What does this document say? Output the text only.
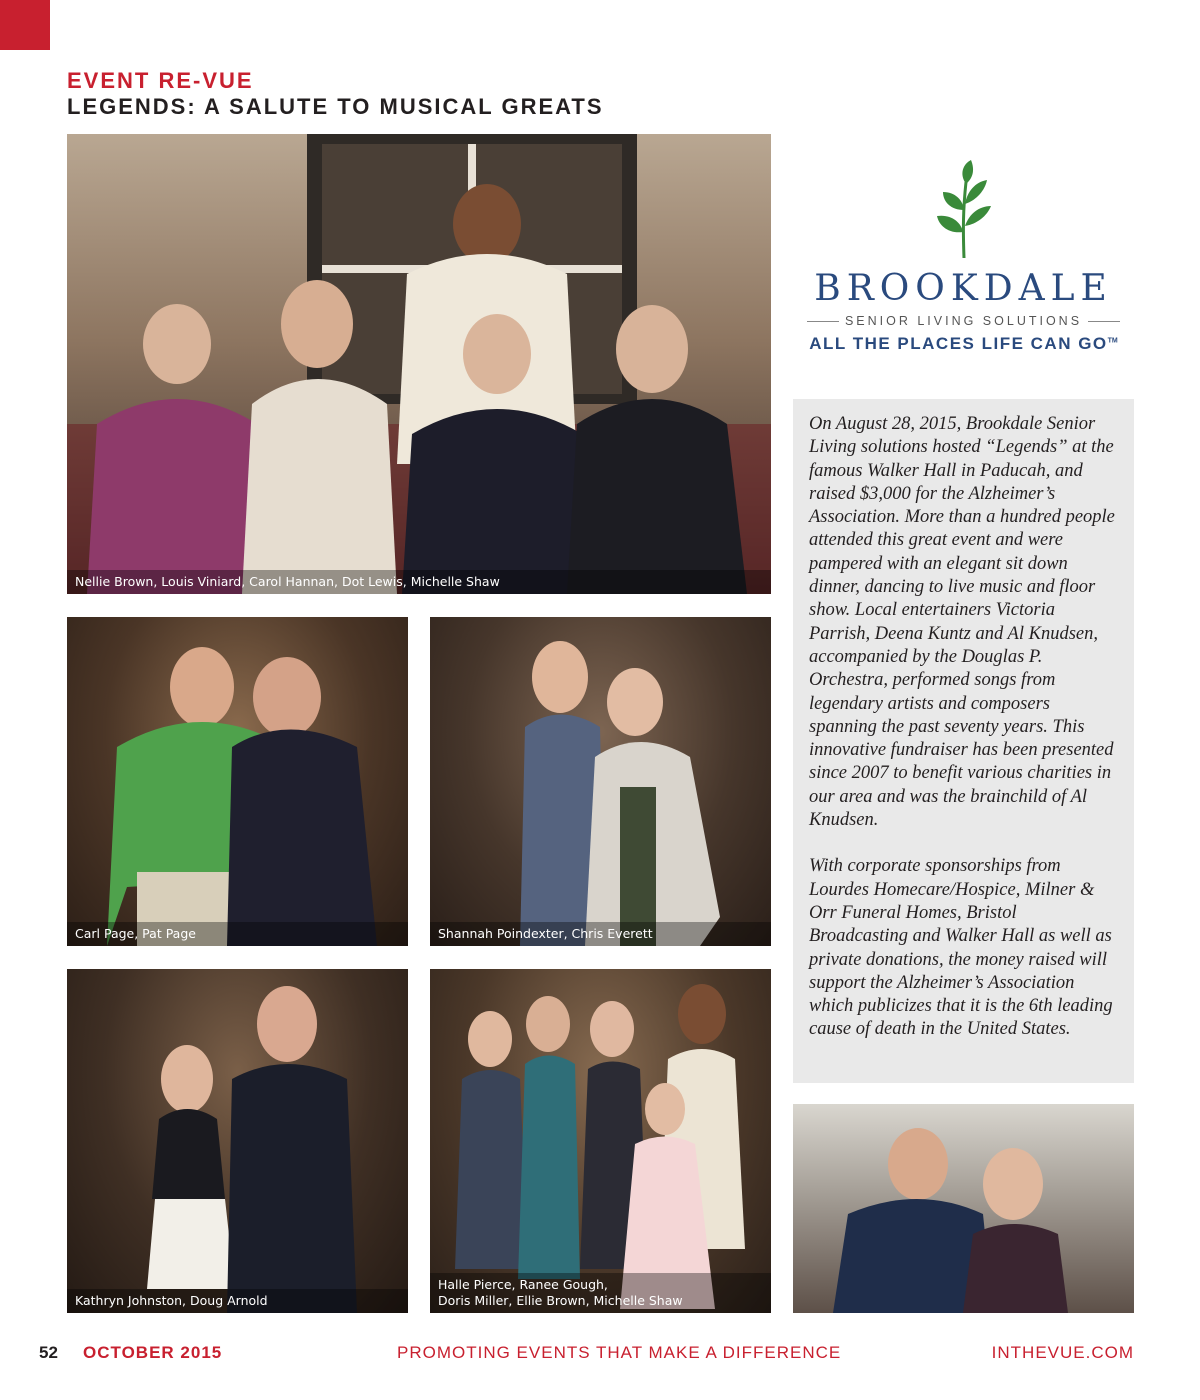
EVENT RE-VUE
LEGENDS: A SALUTE TO MUSICAL GREATS
Nellie Brown, Louis Viniard, Carol Hannan, Dot Lewis, Michelle Shaw
BROOKDALE
SENIOR LIVING SOLUTIONS
ALL THE PLACES LIFE CAN GO™

On August 28, 2015, Brookdale Senior Living solutions hosted “Legends” at the famous Walker Hall in Paducah, and raised $3,000 for the Alzheimer’s Association. More than a hundred people attended this great event and were pampered with an elegant sit down dinner, dancing to live music and floor show. Local entertainers Victoria Parrish, Deena Kuntz and Al Knudsen, accompanied by the Douglas P. Orchestra, performed songs from legendary artists and composers spanning the past seventy years. This innovative fundraiser has been presented since 2007 to benefit various charities in our area and was the brainchild of Al Knudsen.

With corporate sponsorships from Lourdes Homecare/Hospice, Milner & Orr Funeral Homes, Bristol Broadcasting and Walker Hall as well as private donations, the money raised will support the Alzheimer’s Association which publicizes that it is the 6th leading cause of death in the United States.

Carl Page, Pat Page	Shannah Poindexter, Chris Everett
Kathryn Johnston, Doug Arnold
Halle Pierce, Ranee Gough,
Doris Miller, Ellie Brown, Michelle Shaw
52 OCTOBER 2015	PROMOTING EVENTS THAT MAKE A DIFFERENCE	INTHEVUE.COM
